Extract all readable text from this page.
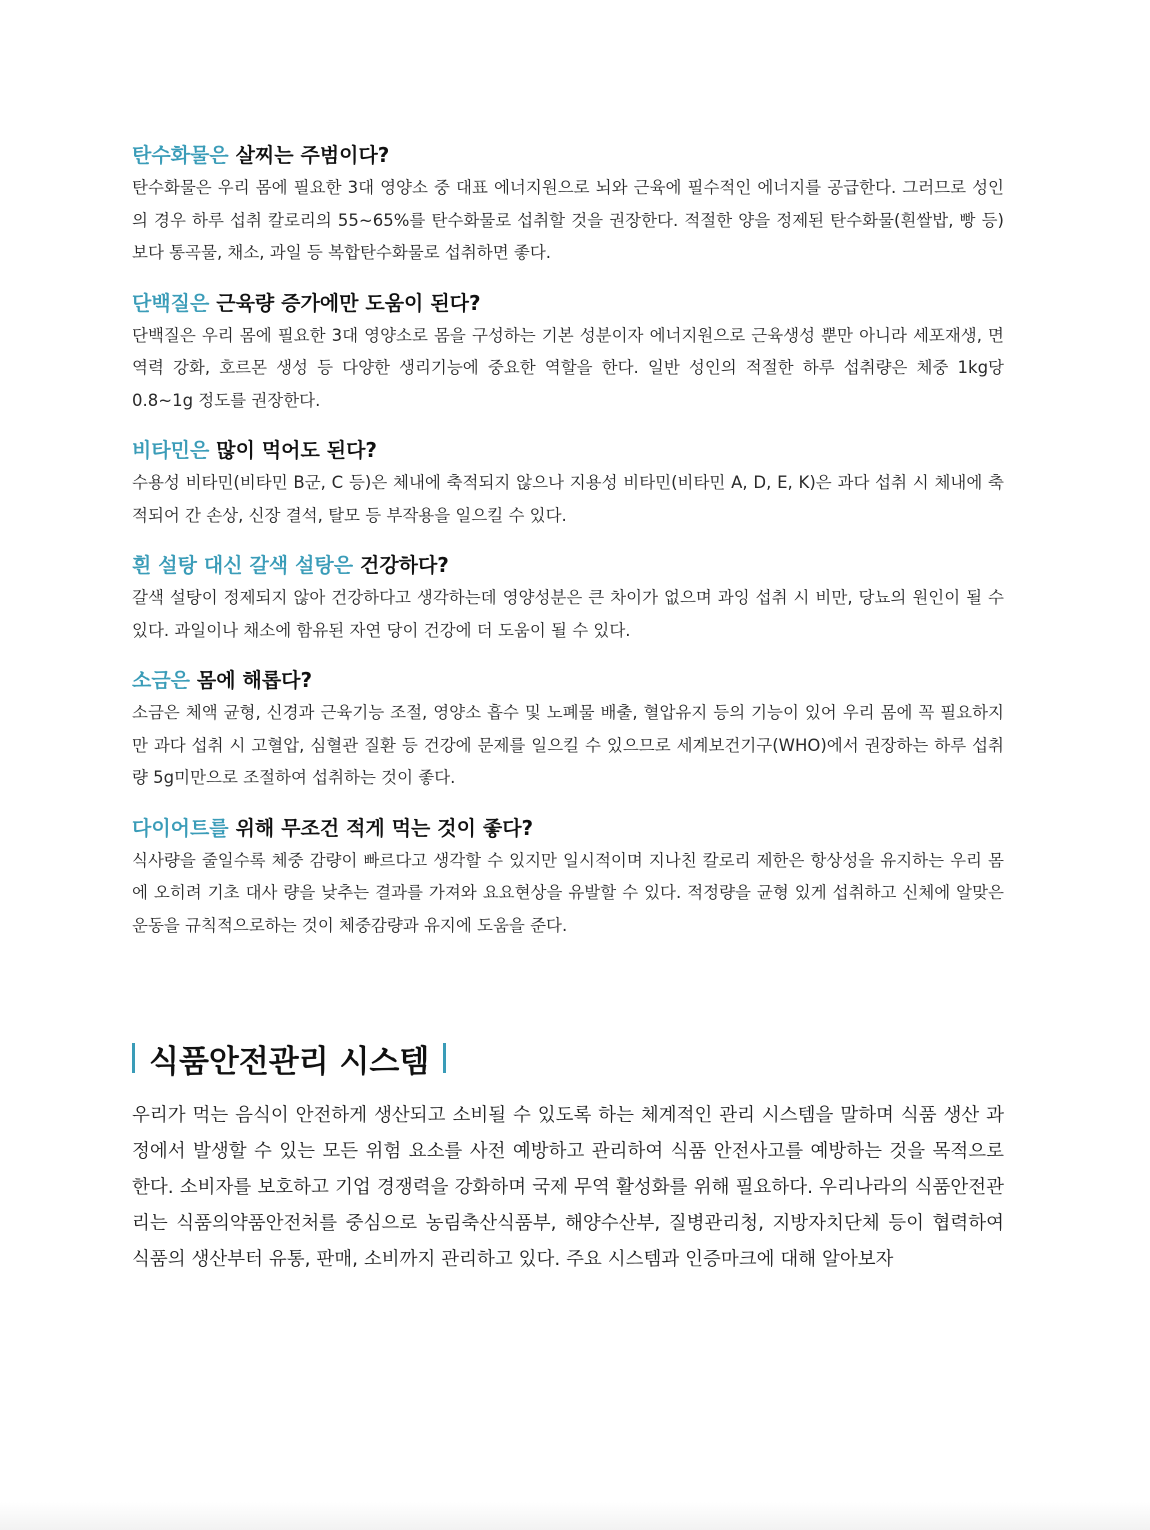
탄수화물은 살찌는 주범이다?

탄수화물은 우리 몸에 필요한 3대 영양소 중 대표 에너지원으로 뇌와 근육에 필수적인 에너지를 공급한다. 그러므로 성인의 경우 하루 섭취 칼로리의 55~65%를 탄수화물로 섭취할 것을 권장한다. 적절한 양을 정제된 탄수화물(흰쌀밥, 빵 등)보다 통곡물, 채소, 과일 등 복합탄수화물로 섭취하면 좋다.

단백질은 근육량 증가에만 도움이 된다?

단백질은 우리 몸에 필요한 3대 영양소로 몸을 구성하는 기본 성분이자 에너지원으로 근육생성 뿐만 아니라 세포재생, 면역력 강화, 호르몬 생성 등 다양한 생리기능에 중요한 역할을 한다. 일반 성인의 적절한 하루 섭취량은 체중 1kg당 0.8~1g 정도를 권장한다.

비타민은 많이 먹어도 된다?

수용성 비타민(비타민 B군, C 등)은 체내에 축적되지 않으나 지용성 비타민(비타민 A, D, E, K)은 과다 섭취 시 체내에 축적되어 간 손상, 신장 결석, 탈모 등 부작용을 일으킬 수 있다.

흰 설탕 대신 갈색 설탕은 건강하다?

갈색 설탕이 정제되지 않아 건강하다고 생각하는데 영양성분은 큰 차이가 없으며 과잉 섭취 시 비만, 당뇨의 원인이 될 수 있다. 과일이나 채소에 함유된 자연 당이 건강에 더 도움이 될 수 있다.

소금은 몸에 해롭다?

소금은 체액 균형, 신경과 근육기능 조절, 영양소 흡수 및 노폐물 배출, 혈압유지 등의 기능이 있어 우리 몸에 꼭 필요하지만 과다 섭취 시 고혈압, 심혈관 질환 등 건강에 문제를 일으킬 수 있으므로 세계보건기구(WHO)에서 권장하는 하루 섭취량 5g미만으로 조절하여 섭취하는 것이 좋다.

다이어트를 위해 무조건 적게 먹는 것이 좋다?

식사량을 줄일수록 체중 감량이 빠르다고 생각할 수 있지만 일시적이며 지나친 칼로리 제한은 항상성을 유지하는 우리 몸에 오히려 기초 대사 량을 낮추는 결과를 가져와 요요현상을 유발할 수 있다. 적정량을 균형 있게 섭취하고 신체에 알맞은 운동을 규칙적으로하는 것이 체중감량과 유지에 도움을 준다.

식품안전관리 시스템

우리가 먹는 음식이 안전하게 생산되고 소비될 수 있도록 하는 체계적인 관리 시스템을 말하며 식품 생산 과정에서 발생할 수 있는 모든 위험 요소를 사전 예방하고 관리하여 식품 안전사고를 예방하는 것을 목적으로 한다. 소비자를 보호하고 기업 경쟁력을 강화하며 국제 무역 활성화를 위해 필요하다. 우리나라의 식품안전관리는 식품의약품안전처를 중심으로 농림축산식품부, 해양수산부, 질병관리청, 지방자치단체 등이 협력하여 식품의 생산부터 유통, 판매, 소비까지 관리하고 있다. 주요 시스템과 인증마크에 대해 알아보자
